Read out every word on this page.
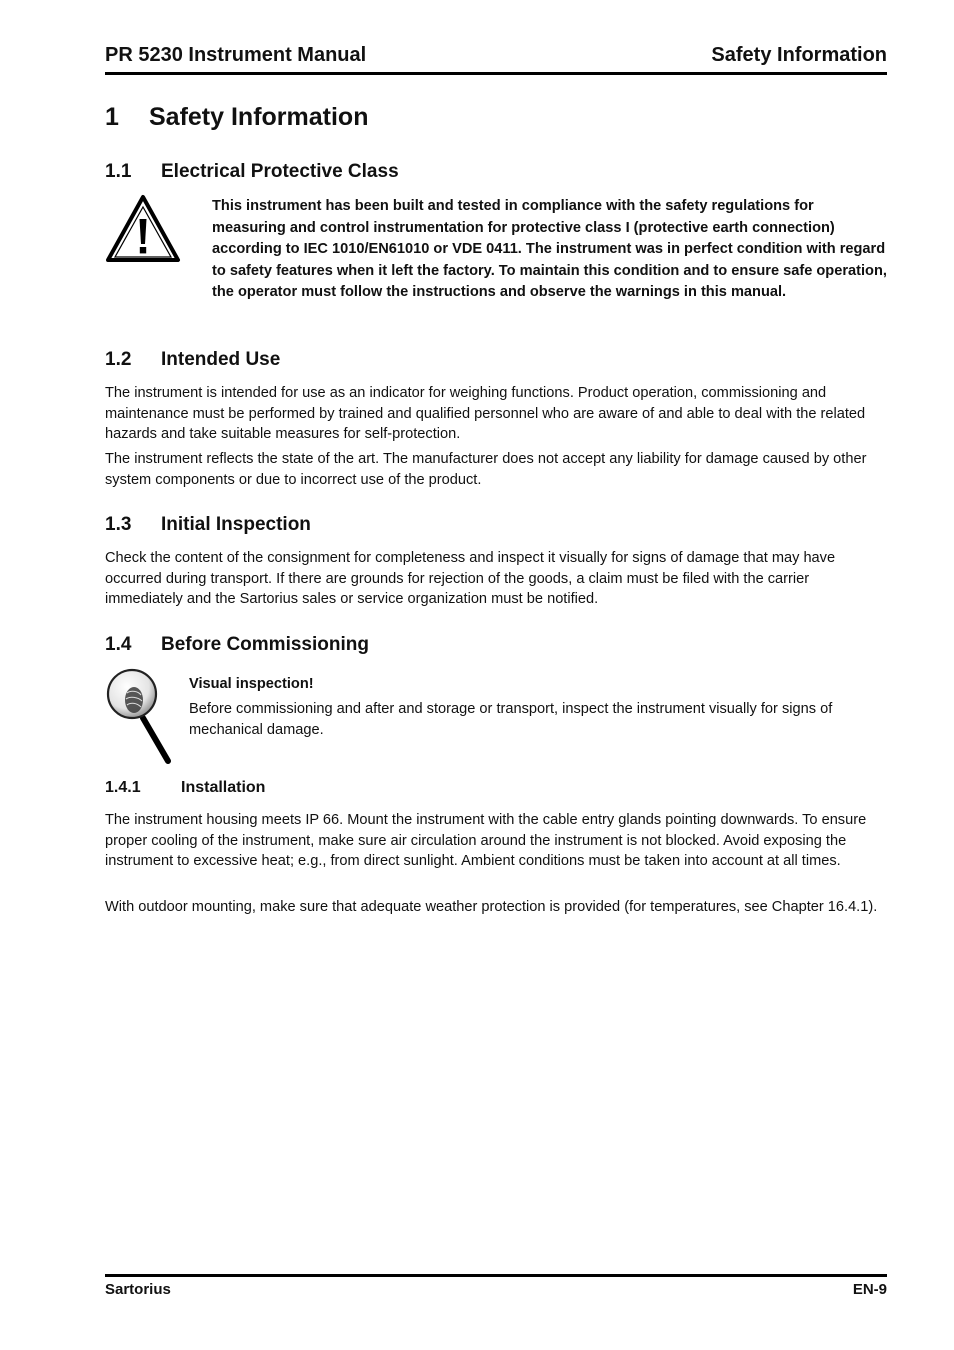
PR 5230 Instrument Manual	Safety Information
1 Safety Information
1.1 Electrical Protective Class

This instrument has been built and tested in compliance with the safety regulations for measuring and control instrumentation for protective class I (protective earth connection) according to IEC 1010/EN61010 or VDE 0411. The instrument was in perfect condition with regard to safety features when it left the factory. To maintain this condition and to ensure safe operation, the operator must follow the instructions and observe the warnings in this manual.

1.2 Intended Use

The instrument is intended for use as an indicator for weighing functions. Product operation, commissioning and maintenance must be performed by trained and qualified personnel who are aware of and able to deal with the related hazards and take suitable measures for self-protection.

The instrument reflects the state of the art. The manufacturer does not accept any liability for damage caused by other system components or due to incorrect use of the product.

1.3 Initial Inspection

Check the content of the consignment for completeness and inspect it visually for signs of damage that may have occurred during transport. If there are grounds for rejection of the goods, a claim must be filed with the carrier immediately and the Sartorius sales or service organization must be notified.

1.4 Before Commissioning
Visual inspection!

Before commissioning and after and storage or transport, inspect the instrument visually for signs of mechanical damage.

1.4.1	Installation

The instrument housing meets IP 66. Mount the instrument with the cable entry glands pointing downwards. To ensure proper cooling of the instrument, make sure air circulation around the instrument is not blocked. Avoid exposing the instrument to excessive heat; e.g., from direct sunlight. Ambient conditions must be taken into account at all times.

With outdoor mounting, make sure that adequate weather protection is provided (for temperatures, see Chapter 16.4.1).

Sartorius	EN-9
